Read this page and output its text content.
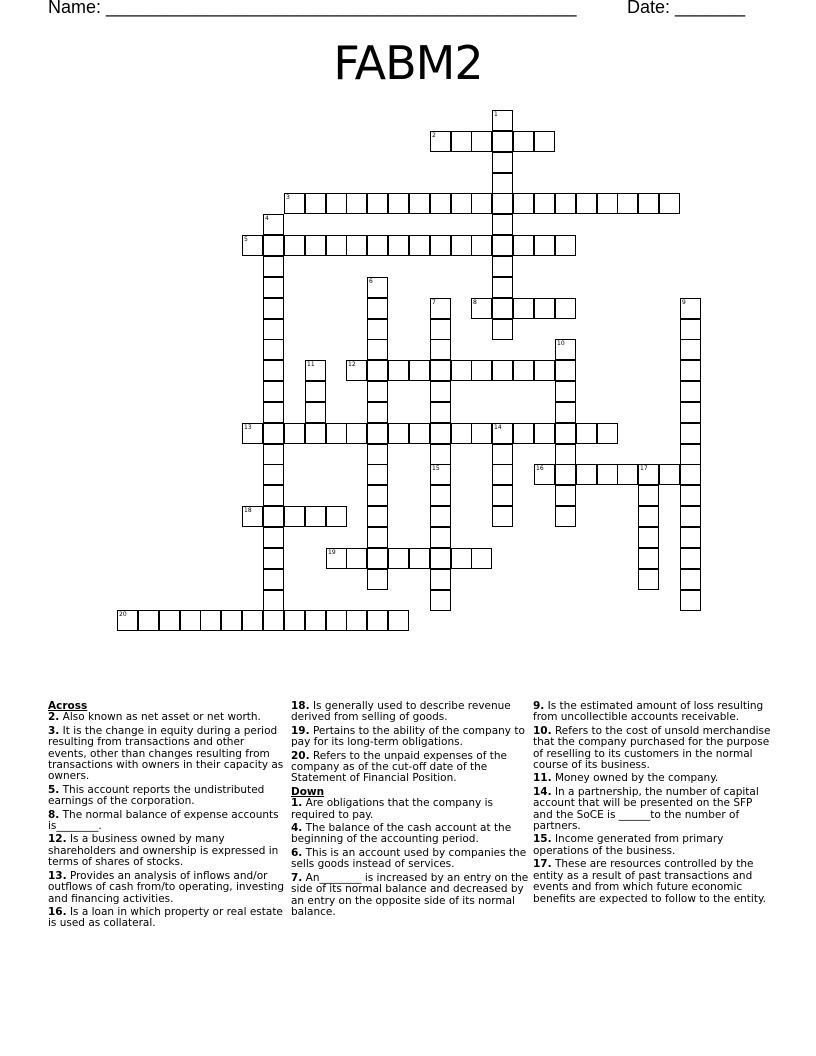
Name: _______________________________________________	Date: _______
FABM2
1
2
3
4
5
6
7	8	9
10
11	12
13	14
15	16	17
18
19
20

Across

2. Also known as net asset or net worth.

3. It is the change in equity during a period resulting from transactions and other events, other than changes resulting from transactions with owners in their capacity as owners.

5. This account reports the undistributed earnings of the corporation.

8. The normal balance of expense accounts is________.

12. Is a business owned by many shareholders and ownership is expressed in terms of shares of stocks.

13. Provides an analysis of inflows and/or outflows of cash from/to operating, investing and financing activities.

16. Is a loan in which property or real estate is used as collateral.

18. Is generally used to describe revenue derived from selling of goods.

19. Pertains to the ability of the company to pay for its long-term obligations.

20. Refers to the unpaid expenses of the company as of the cut-off date of the Statement of Financial Position.

Down

1. Are obligations that the company is required to pay.

4. The balance of the cash account at the beginning of the accounting period.

6. This is an account used by companies the sells goods instead of services.

7. An________ is increased by an entry on the side of its normal balance and decreased by an entry on the opposite side of its normal balance.

9. Is the estimated amount of loss resulting from uncollectible accounts receivable.

10. Refers to the cost of unsold merchandise that the company purchased for the purpose of reselling to its customers in the normal course of its business.

11. Money owned by the company.

14. In a partnership, the number of capital account that will be presented on the SFP and the SoCE is ______to the number of partners.

15. Income generated from primary operations of the business.

17. These are resources controlled by the entity as a result of past transactions and events and from which future economic benefits are expected to follow to the entity.
